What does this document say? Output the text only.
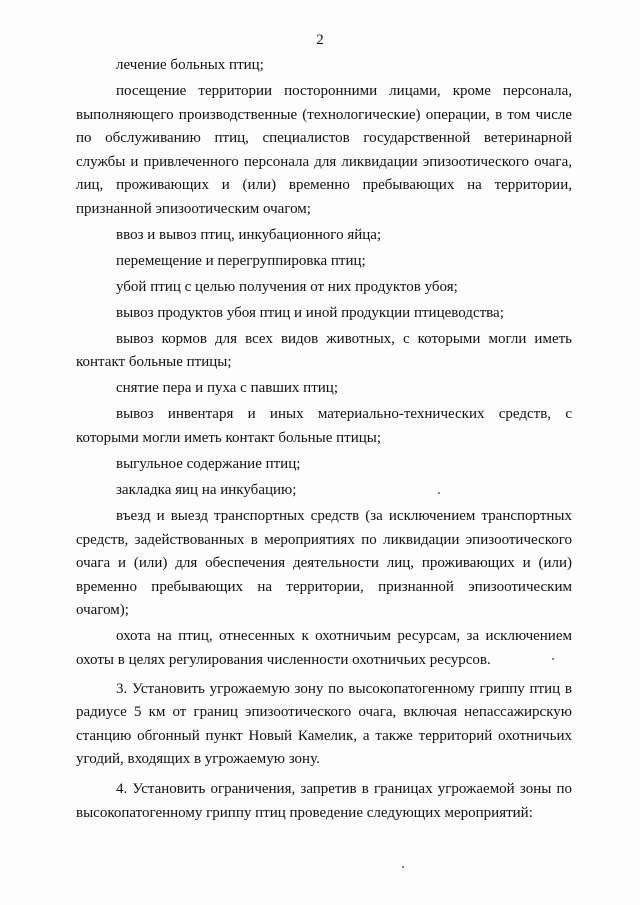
2

лечение больных птиц;

посещение территории посторонними лицами, кроме персонала, выполняющего производственные (технологические) операции, в том числе по обслуживанию птиц, специалистов государственной ветеринарной службы и привлеченного персонала для ликвидации эпизоотического очага, лиц, проживающих и (или) временно пребывающих на территории, признанной эпизоотическим очагом;

ввоз и вывоз птиц, инкубационного яйца;

перемещение и перегруппировка птиц;

убой птиц с целью получения от них продуктов убоя;

вывоз продуктов убоя птиц и иной продукции птицеводства;

вывоз кормов для всех видов животных, с которыми могли иметь контакт больные птицы;

снятие пера и пуха с павших птиц;

вывоз инвентаря и иных материально-технических средств, с которыми могли иметь контакт больные птицы;

выгульное содержание птиц;

закладка яиц на инкубацию;

въезд и выезд транспортных средств (за исключением транспортных средств, задействованных в мероприятиях по ликвидации эпизоотического очага и (или) для обеспечения деятельности лиц, проживающих и (или) временно пребывающих на территории, признанной эпизоотическим очагом);

охота на птиц, отнесенных к охотничьим ресурсам, за исключением охоты в целях регулирования численности охотничьих ресурсов.

3. Установить угрожаемую зону по высокопатогенному гриппу птиц в радиусе 5 км от границ эпизоотического очага, включая непассажирскую станцию обгонный пункт Новый Камелик, а также территорий охотничьих угодий, входящих в угрожаемую зону.

4. Установить ограничения, запретив в границах угрожаемой зоны по высокопатогенному гриппу птиц проведение следующих мероприятий:
